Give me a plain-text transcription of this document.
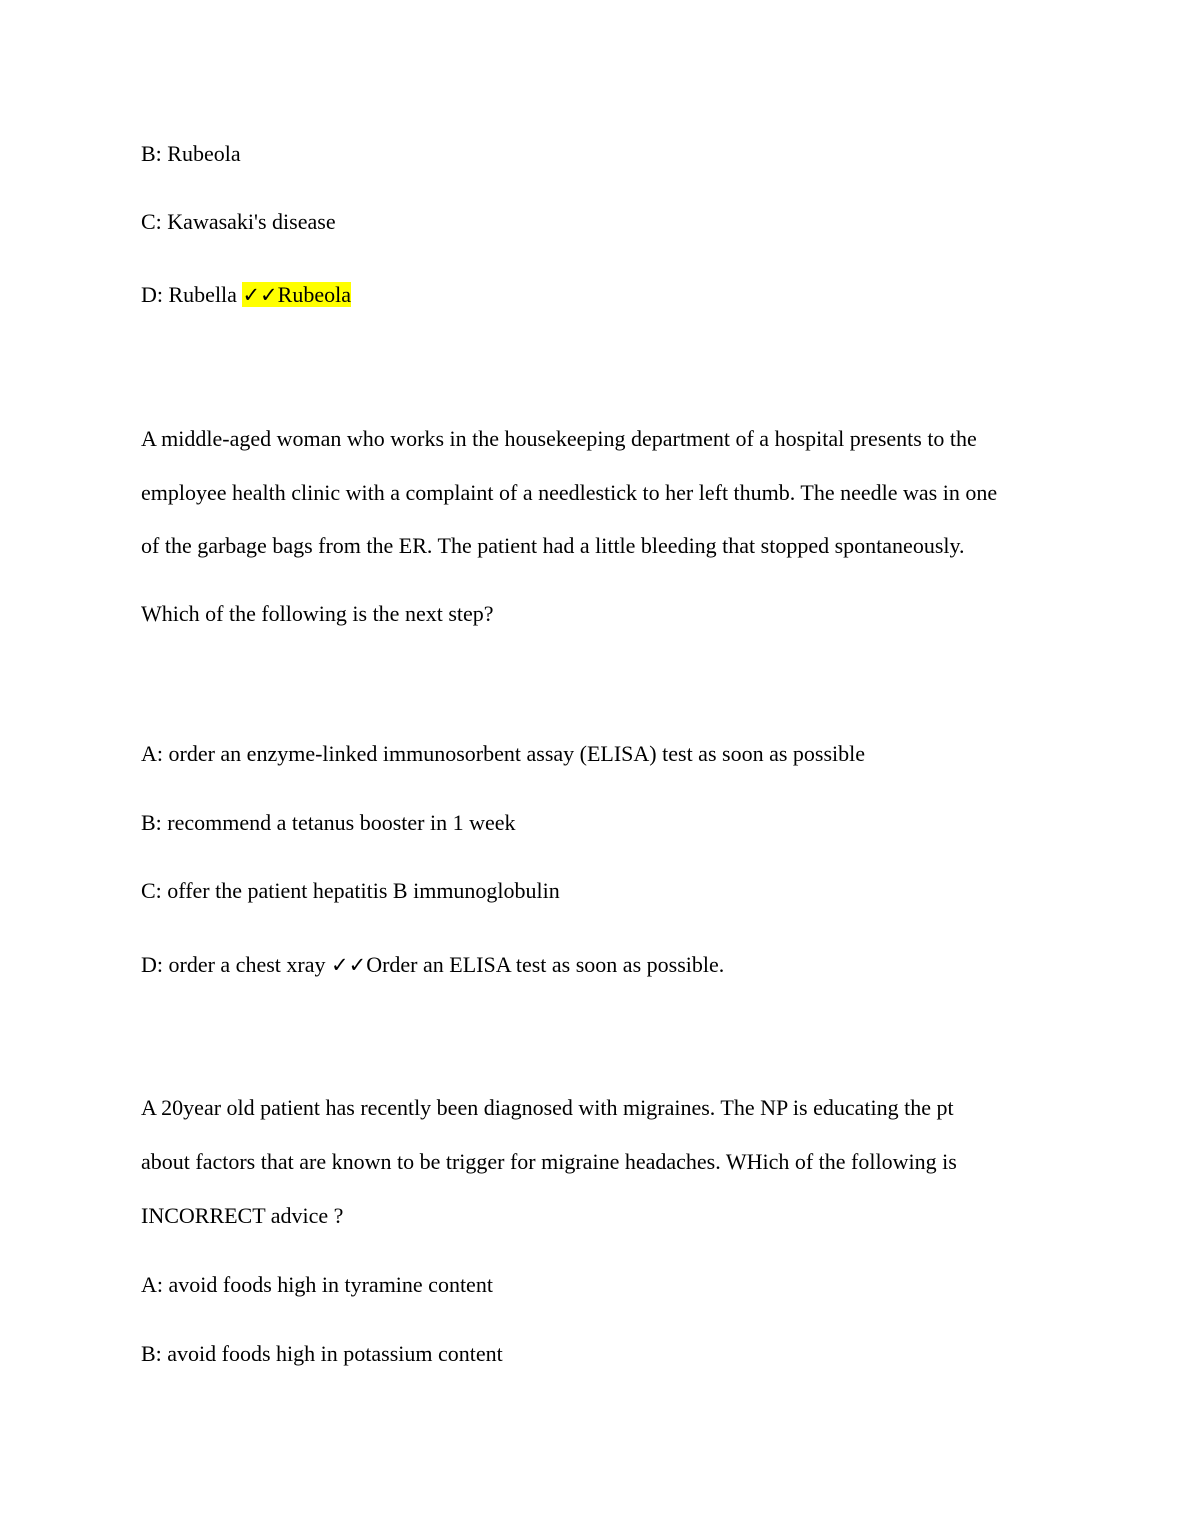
B: Rubeola
C: Kawasaki's disease
D: Rubella ✓✓Rubeola
A middle-aged woman who works in the housekeeping department of a hospital presents to the
employee health clinic with a complaint of a needlestick to her left thumb. The needle was in one
of the garbage bags from the ER. The patient had a little bleeding that stopped spontaneously.
Which of the following is the next step?
A: order an enzyme-linked immunosorbent assay (ELISA) test as soon as possible
B: recommend a tetanus booster in 1 week
C: offer the patient hepatitis B immunoglobulin
D: order a chest xray ✓✓Order an ELISA test as soon as possible.
A 20year old patient has recently been diagnosed with migraines. The NP is educating the pt
about factors that are known to be trigger for migraine headaches. WHich of the following is
INCORRECT advice ?
A: avoid foods high in tyramine content
B: avoid foods high in potassium content
